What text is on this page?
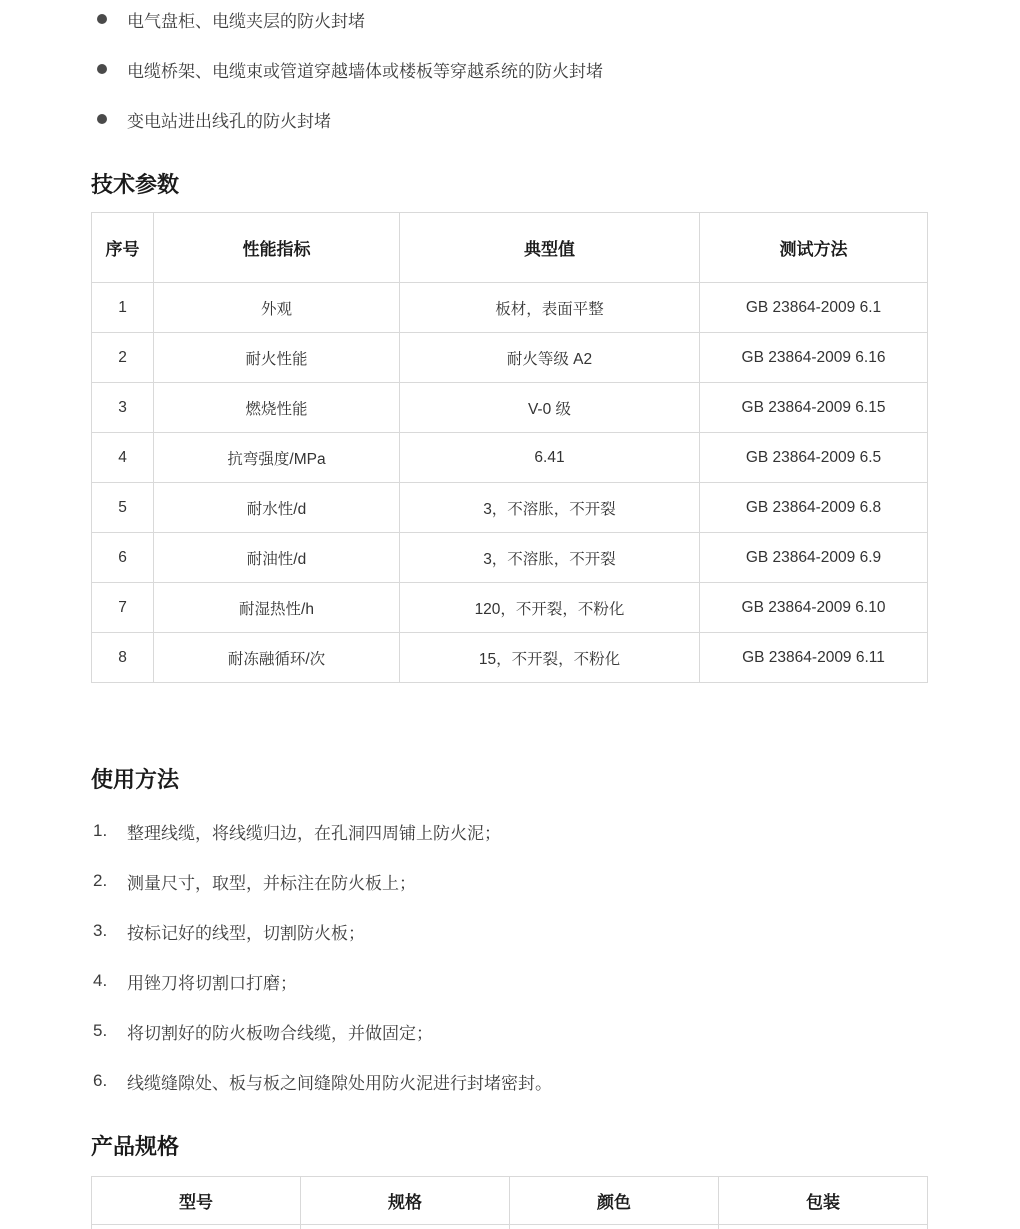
电气盘柜、电缆夹层的防火封堵
电缆桥架、电缆束或管道穿越墙体或楼板等穿越系统的防火封堵
变电站进出线孔的防火封堵
技术参数
序号	性能指标	典型值	测试方法
1	外观	板材，表面平整	GB 23864-2009 6.1
2	耐火性能	耐火等级 A2	GB 23864-2009 6.16
3	燃烧性能	V-0 级	GB 23864-2009 6.15
4	抗弯强度/MPa	6.41	GB 23864-2009 6.5
5	耐水性/d	3，不溶胀，不开裂	GB 23864-2009 6.8
6	耐油性/d	3，不溶胀，不开裂	GB 23864-2009 6.9
7	耐湿热性/h	120，不开裂，不粉化	GB 23864-2009 6.10
8	耐冻融循环/次	15，不开裂，不粉化	GB 23864-2009 6.11
使用方法
1.	整理线缆，将线缆归边，在孔洞四周铺上防火泥；
2.	测量尺寸，取型，并标注在防火板上；
3.	按标记好的线型，切割防火板；
4.	用锉刀将切割口打磨；
5.	将切割好的防火板吻合线缆，并做固定；
6.	线缆缝隙处、板与板之间缝隙处用防火泥进行封堵密封。
产品规格
型号	规格	颜色	包装
